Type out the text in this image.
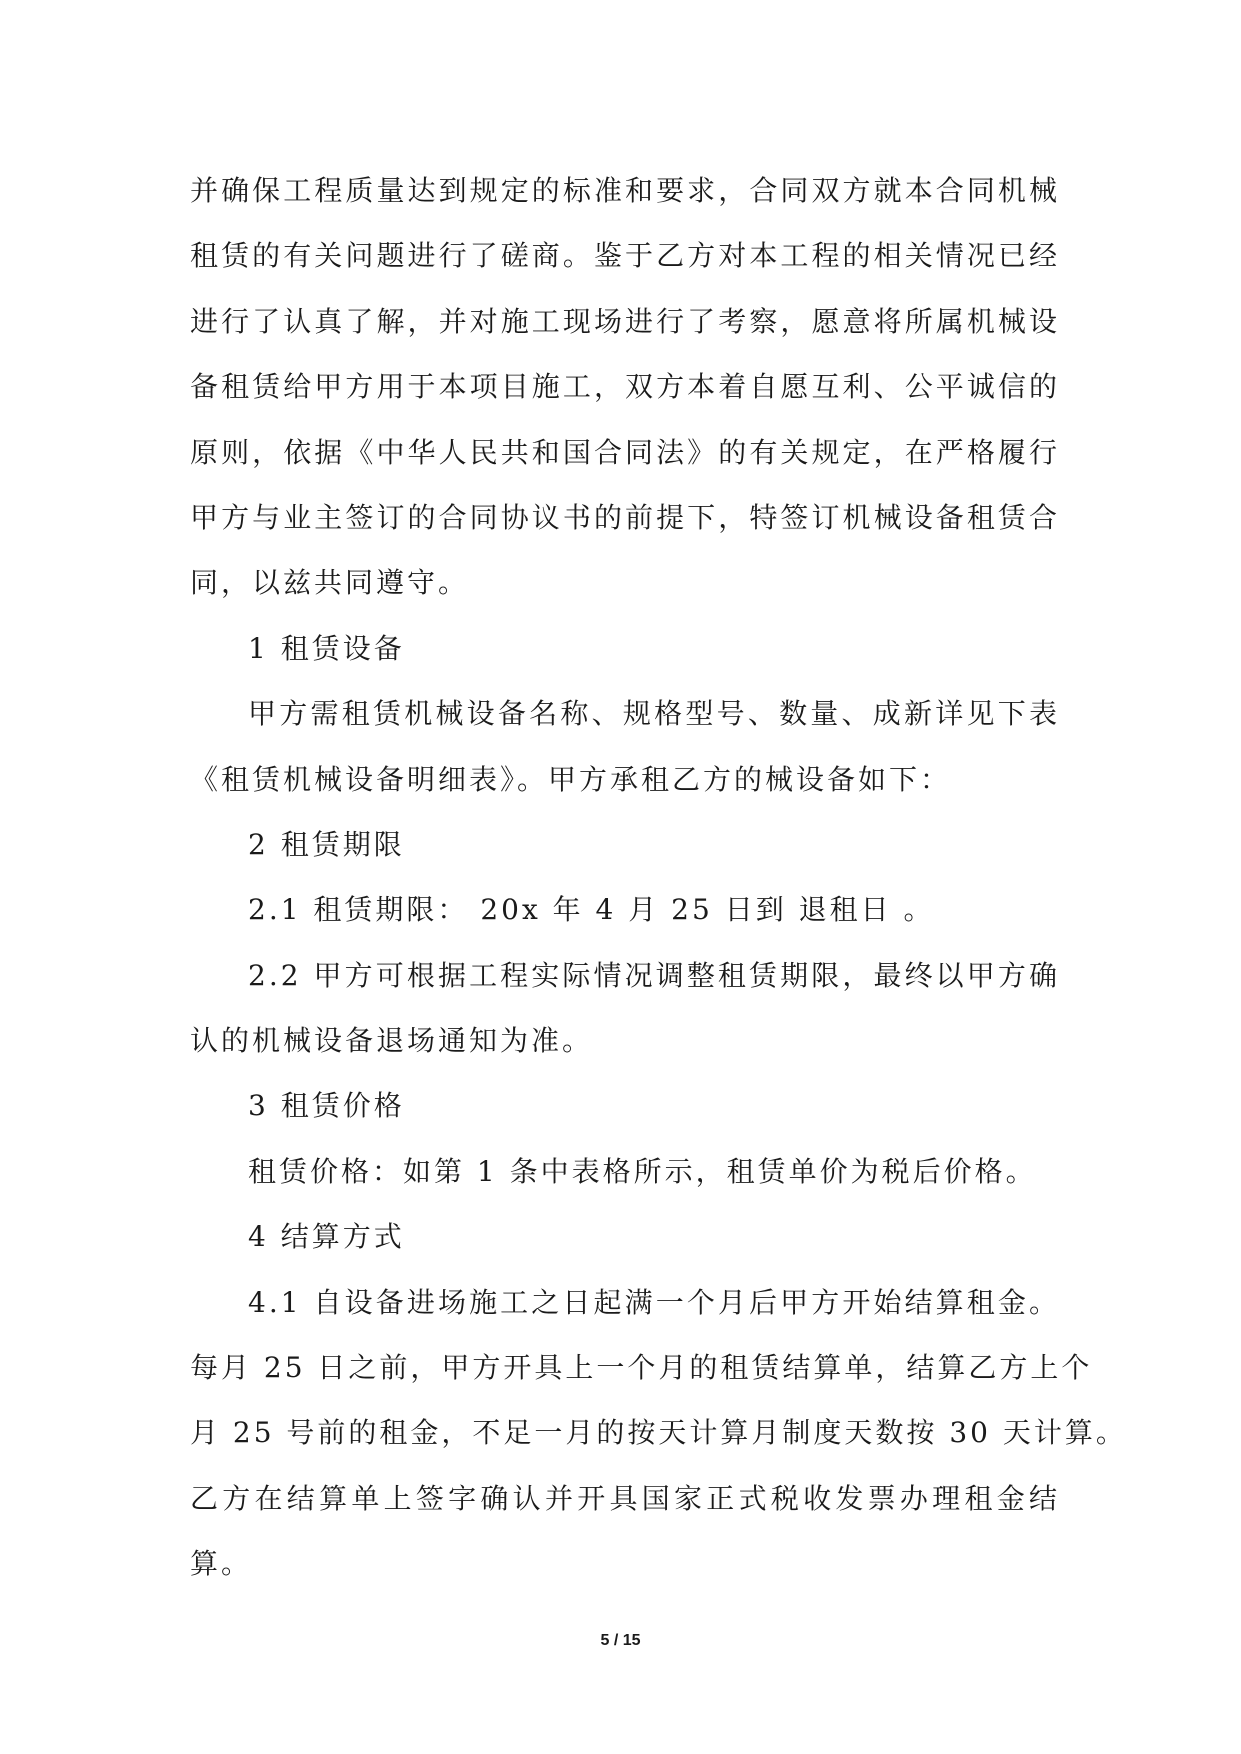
并确保工程质量达到规定的标准和要求，合同双方就本合同机械
租赁的有关问题进行了磋商。鉴于乙方对本工程的相关情况已经
进行了认真了解，并对施工现场进行了考察，愿意将所属机械设
备租赁给甲方用于本项目施工，双方本着自愿互利、公平诚信的
原则，依据《中华人民共和国合同法》的有关规定，在严格履行
甲方与业主签订的合同协议书的前提下，特签订机械设备租赁合
同，以兹共同遵守。
1 租赁设备
甲方需租赁机械设备名称、规格型号、数量、成新详见下表
《租赁机械设备明细表》。甲方承租乙方的械设备如下：
2 租赁期限
2.1 租赁期限： 20x 年 4 月 25 日到 退租日 。
2.2 甲方可根据工程实际情况调整租赁期限，最终以甲方确
认的机械设备退场通知为准。
3 租赁价格
租赁价格：如第 1 条中表格所示，租赁单价为税后价格。
4 结算方式
4.1 自设备进场施工之日起满一个月后甲方开始结算租金。
每月 25 日之前，甲方开具上一个月的租赁结算单，结算乙方上个
月 25 号前的租金，不足一月的按天计算月制度天数按 30 天计算。
乙方在结算单上签字确认并开具国家正式税收发票办理租金结
算。
5 / 15
